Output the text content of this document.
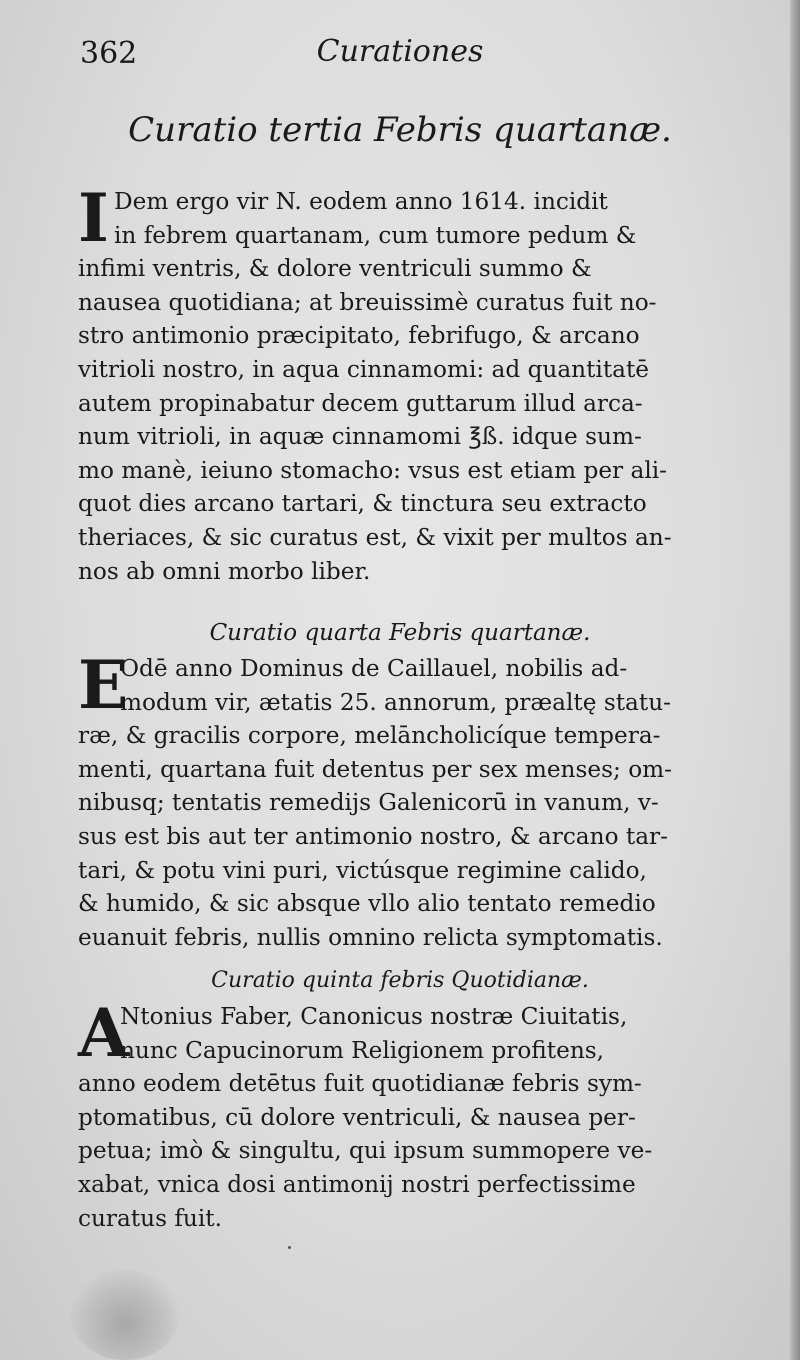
362	Curationes
Curatio tertia Febris quartanæ.
I Dem ergo vir N. eodem anno 1614. incidit
in febrem quartanam, cum tumore pedum &
infimi ventris, & dolore ventriculi summo &
nausea quotidiana; at breuissimè curatus fuit no-
stro antimonio præcipitato, febrifugo, & arcano
vitrioli nostro, in aqua cinnamomi: ad quantitatē
autem propinabatur decem guttarum illud arca-
num vitrioli, in aquæ cinnamomi ℥ß. idque sum-
mo manè, ieiuno stomacho: vsus est etiam per ali-
quot dies arcano tartari, & tinctura seu extracto
theriaces, & sic curatus est, & vixit per multos an-
nos ab omni morbo liber.
Curatio quarta Febris quartanæ.
E
Odē anno Dominus de Caillauel, nobilis ad-
modum vir, ætatis 25. annorum, præaltę statu-
ræ, & gracilis corpore, melāncholicíque tempera-
menti, quartana fuit detentus per sex menses; om-
nibusq; tentatis remedijs Galenicorū in vanum, v-
sus est bis aut ter antimonio nostro, & arcano tar-
tari, & potu vini puri, victúsque regimine calido,
& humido, & sic absque vllo alio tentato remedio
euanuit febris, nullis omnino relicta symptomatis.
Curatio quinta febris Quotidianæ.
A
Ntonius Faber, Canonicus nostræ Ciuitatis,
nunc Capucinorum Religionem profitens,
anno eodem detētus fuit quotidianæ febris sym-
ptomatibus, cū dolore ventriculi, & nausea per-
petua; imò & singultu, qui ipsum summopere ve-
xabat, vnica dosi antimonij nostri perfectissime
curatus fuit.
